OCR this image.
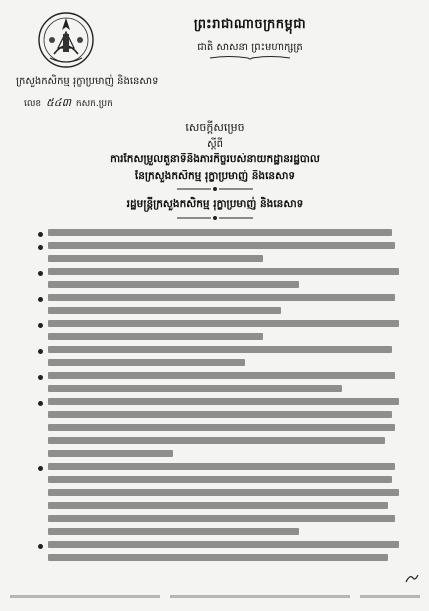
ព្រះរាជាណាចក្រកម្ពុជា
ជាតិ សាសនា ព្រះមហាក្សត្រ
ក្រសួងកសិកម្ម រុក្ខាប្រមាញ់ និងនេសាទ
លេខ ៥៤៣ កសក.ប្រក
សេចក្តីសម្រេច
ស្តីពី
ការកែសម្រួលតួនាទីនិងភារកិច្ចរបស់នាយកដ្ឋានរដ្ឋបាល
នៃក្រសួងកសិកម្ម រុក្ខាប្រមាញ់ និងនេសាទ
រដ្ឋមន្ត្រីក្រសួងកសិកម្ម រុក្ខាប្រមាញ់ និងនេសាទ
